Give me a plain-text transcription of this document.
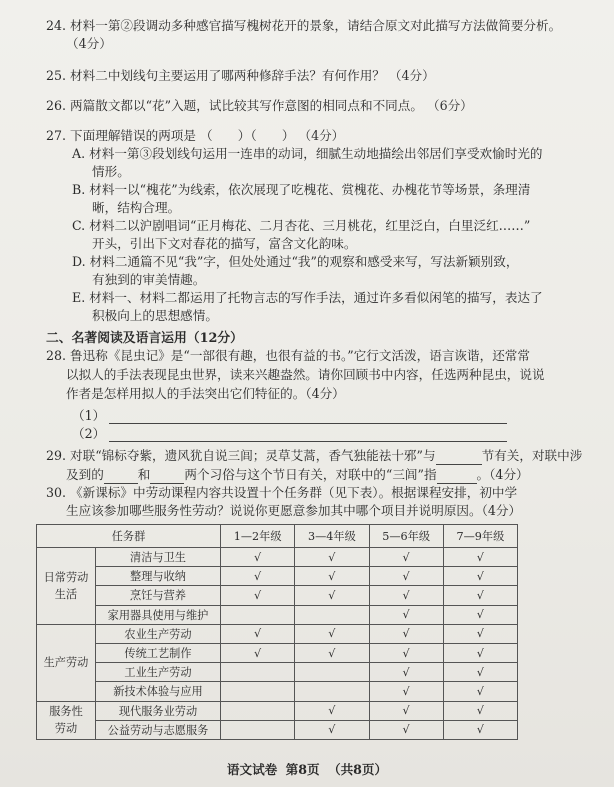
24. 材料一第②段调动多种感官描写槐树花开的景象，请结合原文对此描写方法做简要分析。
（4分）
25. 材料二中划线句主要运用了哪两种修辞手法？有何作用？ （4分）
26. 两篇散文都以“花”入题，试比较其写作意图的相同点和不同点。 （6分）
27. 下面理解错误的两项是 （　　）（　　） （4分）
A. 材料一第③段划线句运用一连串的动词，细腻生动地描绘出邻居们享受欢愉时光的
情形。
B. 材料一以“槐花”为线索，依次展现了吃槐花、赏槐花、办槐花节等场景，条理清
晰，结构合理。
C. 材料二以沪剧唱词“正月梅花、二月杏花、三月桃花，红里泛白，白里泛红……”
开头，引出下文对春花的描写，富含文化韵味。
D. 材料二通篇不见“我”字，但处处通过“我”的观察和感受来写，写法新颖别致，
有独到的审美情趣。
E. 材料一、材料二都运用了托物言志的写作手法，通过许多看似闲笔的描写，表达了
积极向上的思想感情。
二、名著阅读及语言运用（12分）
28. 鲁迅称《昆虫记》是“一部很有趣，也很有益的书。”它行文活泼，语言诙谐，还常常
以拟人的手法表现昆虫世界，读来兴趣盎然。请你回顾书中内容，任选两种昆虫，说说
作者是怎样用拟人的手法突出它们特征的。（4分）
（1）
（2）
语文试卷 第8页 （共8页）
29. 对联“锦标夺紫，遗风犹自说三闾；灵草艾蒿，香气独能祛十邪”与	节有关，对联中涉
及到的	和	两个习俗与这个节日有关，对联中的“三闾”指	。（4分）
30. 《新课标》中劳动课程内容共设置十个任务群（见下表）。根据课程安排，初中学
生应该参加哪些服务性劳动？说说你更愿意参加其中哪个项目并说明原因。（4分）
任务群		1—2年级	3—4年级	5—6年级	7—9年级

日常劳动
生活	清洁与卫生	√	√	√	√
	整理与收纳	√	√	√	√
	烹饪与营养	√	√	√	√
	家用器具使用与维护			√	√

生产劳动	农业生产劳动	√	√	√	√
	传统工艺制作	√	√	√	√
	工业生产劳动			√	√
	新技术体验与应用			√	√

服务性
劳动	现代服务业劳动		√	√	√
	公益劳动与志愿服务		√	√	√
